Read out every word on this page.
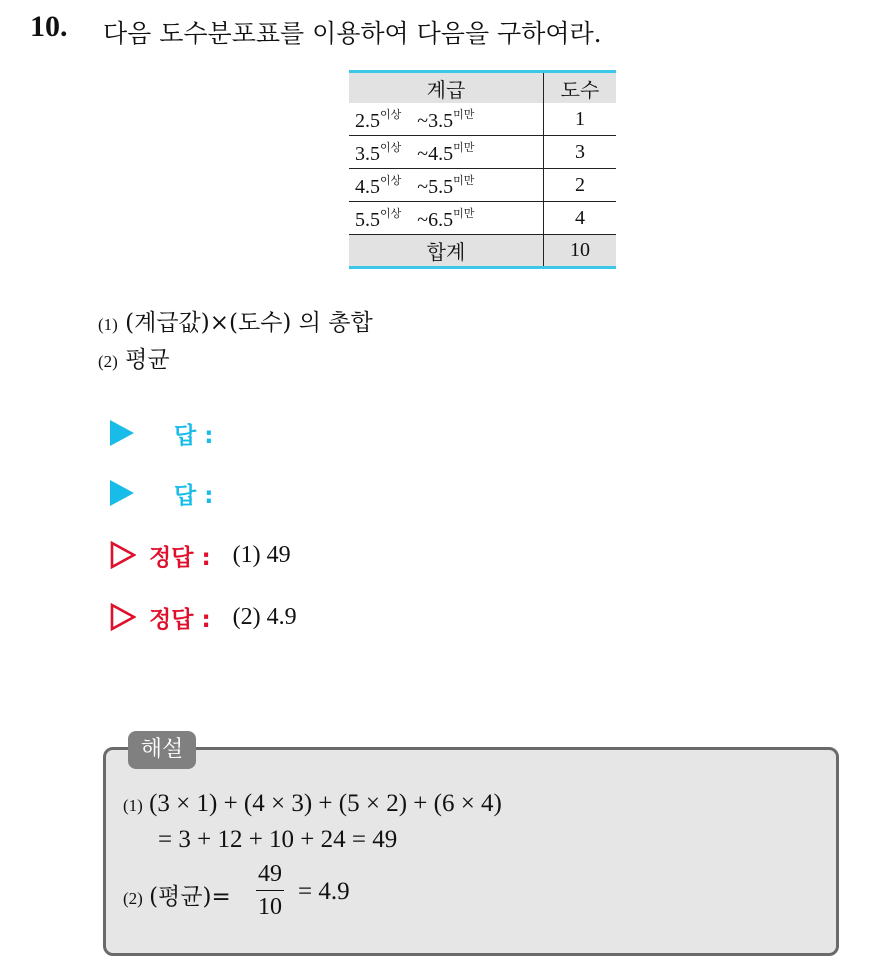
10. 다음 도수분포표를 이용하여 다음을 구하여라.
계급	도수
$2.5^{이상}$ $\sim 3.5^{미만}$	1
$3.5^{이상}$ $\sim 4.5^{미만}$	3
$4.5^{이상}$ $\sim 5.5^{미만}$	2
$5.5^{이상}$ $\sim 6.5^{미만}$	4
합계	10
(1) (계급값)×(도수) 의 총합
(2) 평균
답 :
답 :
정답 : (1) 49
정답 : (2) 4.9
해설
(1) (3 × 1) + (4 × 3) + (5 × 2) + (6 × 4)
= 3 + 12 + 10 + 24 = 49
(2) (평균)= $\frac{49}{10} = 4.9$
